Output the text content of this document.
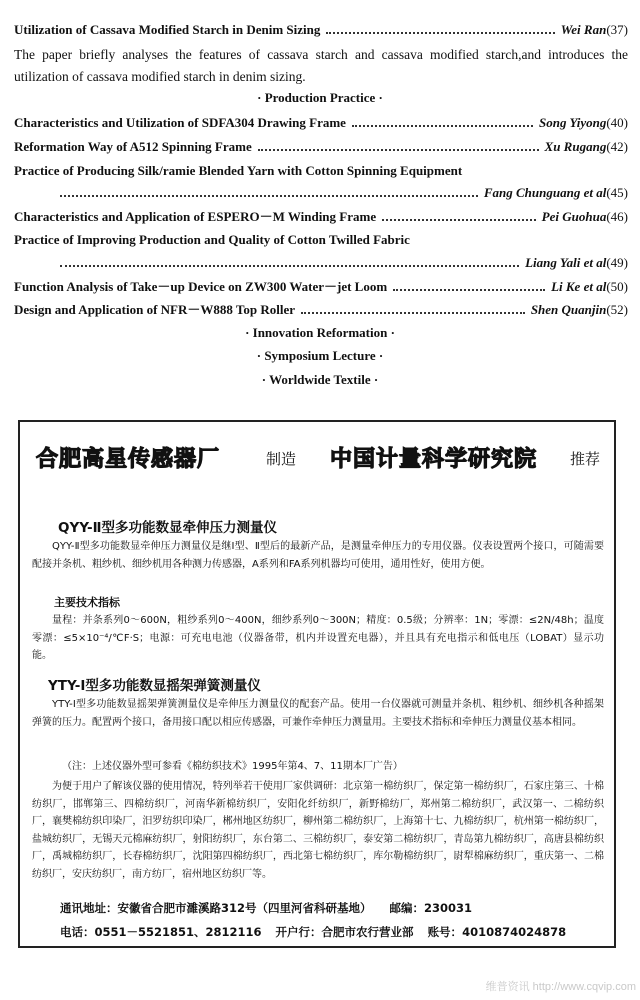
Utilization of Cassava Modified Starch in Denim Sizing	Wei Ran (37)
The paper briefly analyses the features of cassava starch and cassava modified starch,and introduces the utilization of cassava modified starch in denim sizing.
· Production Practice ·
Characteristics and Utilization of SDFA304 Drawing Frame	Song Yiyong (40)
Reformation Way of A512 Spinning Frame	Xu Rugang (42)
Practice of Producing Silk/ramie Blended Yarn with Cotton Spinning Equipment
Fang Chunguang et al (45)
Characteristics and Application of ESPERO－M Winding Frame	Pei Guohua (46)
Practice of Improving Production and Quality of Cotton Twilled Fabric
Liang Yali et al (49)
Function Analysis of Take－up Device on ZW300 Water－jet Loom	Li Ke et al (50)
Design and Application of NFR－W888 Top Roller	Shen Quanjin (52)
· Innovation Reformation ·
· Symposium Lecture ·
· Worldwide Textile ·
合肥高星传感器厂	制造 中国计量科学研究院 推荐
QYY-Ⅱ型多功能数显牵伸压力测量仪
QYY-Ⅱ型多功能数显牵伸压力测量仪是继Ⅰ型、Ⅱ型后的最新产品，是测量牵伸压力的专用仪器。仪表设置两个接口，可随需要配接并条机、粗纱机、细纱机用各种测力传感器，A系列和FA系列机器均可使用，通用性好，使用方便。
主要技术指标
量程：并条系列0～600N，粗纱系列0～400N，细纱系列0～300N；精度：0.5级；分辨率：1N；零漂：≤2N/48h；温度零漂：≤5×10⁻⁴/℃F·S；电源：可充电电池（仪器备带，机内并设置充电器），并且具有充电指示和低电压（LOBAT）显示功能。
YTY-Ⅰ型多功能数显摇架弹簧测量仪
YTY-Ⅰ型多功能数显摇架弹簧测量仪是牵伸压力测量仪的配套产品。使用一台仪器就可测量并条机、粗纱机、细纱机各种摇架弹簧的压力。配置两个接口，备用接口配以相应传感器，可兼作牵伸压力测量用。主要技术指标和牵伸压力测量仪基本相同。
（注：上述仪器外型可参看《棉纺织技术》1995年第4、7、11期本厂广告）
为便于用户了解该仪器的使用情况，特列举若干使用厂家供调研：北京第一棉纺织厂，保定第一棉纺织厂，石家庄第三、十棉纺织厂，邯郸第三、四棉纺织厂，河南华新棉纺织厂，安阳化纤纺织厂，新野棉纺厂，郑州第二棉纺织厂，武汉第一、二棉纺织厂，襄樊棉纺织印染厂，汨罗纺织印染厂，郴州地区纺织厂，柳州第二棉纺织厂，上海第十七、九棉纺织厂，杭州第一棉纺织厂，盐城纺织厂，无锡天元棉麻纺织厂，射阳纺织厂，东台第二、三棉纺织厂，泰安第二棉纺织厂，青岛第九棉纺织厂，高唐县棉纺织厂，禹城棉纺织厂，长春棉纺织厂，沈阳第四棉纺织厂，西北第七棉纺织厂，库尔勒棉纺织厂，尉犁棉麻纺织厂，重庆第一、二棉纺织厂，安庆纺织厂，南方纺厂，宿州地区纺织厂等。
通讯地址：安徽省合肥市濉溪路312号（四里河省科研基地） 邮编：230031
电话：0551－5521851、2812116 开户行：合肥市农行营业部 账号：4010874024878
维普资讯 http://www.cqvip.com
